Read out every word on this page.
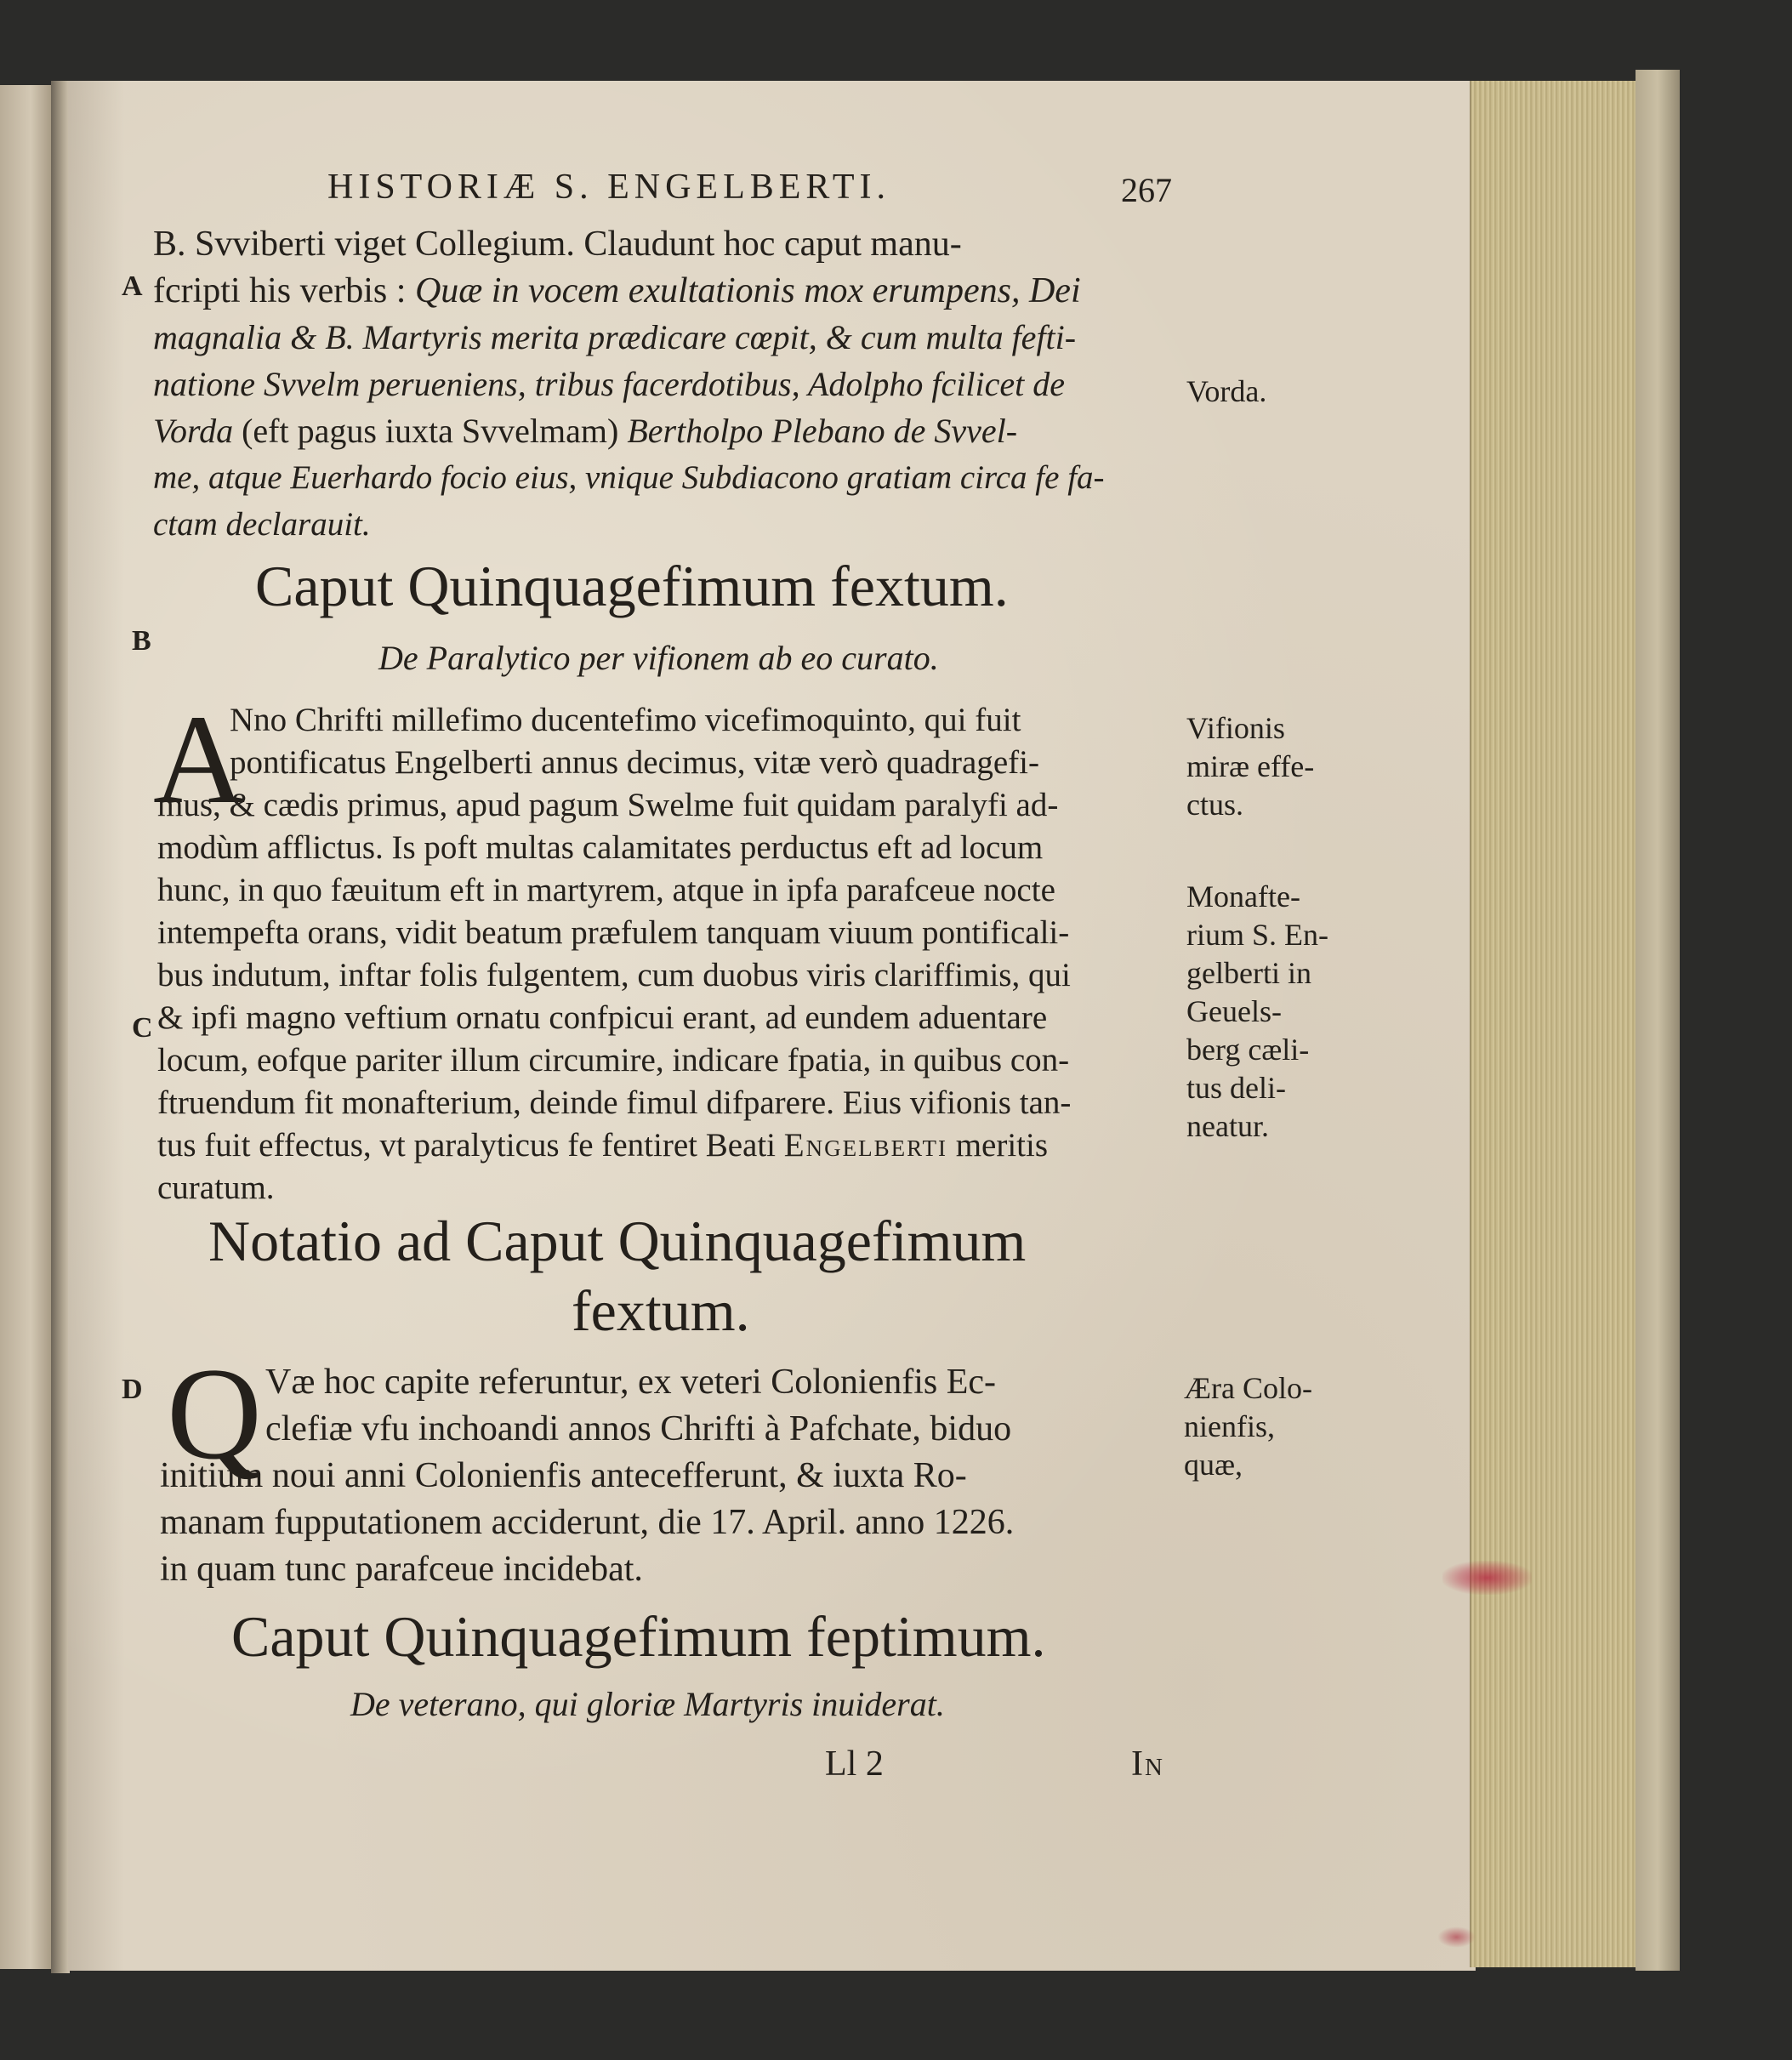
HISTORIÆ S. ENGELBERTI.	267
A
B
C
D
B. Svviberti viget Collegium. Claudunt hoc caput manu-
fcripti his verbis : Quæ in vocem exultationis mox erumpens, Dei
magnalia & B. Martyris merita prædicare cœpit, & cum multa fefti-
natione Svvelm perueniens, tribus facerdotibus, Adolpho fcilicet de
Vorda (eft pagus iuxta Svvelmam) Bertholpo Plebano de Svvel-
me, atque Euerhardo focio eius, vnique Subdiacono gratiam circa fe fa-
ctam declarauit.
Vorda.
Caput Quinquagefimum fextum.
De Paralytico per vifionem ab eo curato.
A
Nno Chrifti millefimo ducentefimo vicefimoquinto, qui fuit
pontificatus Engelberti annus decimus, vitæ verò quadragefi-
mus, & cædis primus, apud pagum Swelme fuit quidam paralyfi ad-
modùm afflictus. Is poft multas calamitates perductus eft ad locum
hunc, in quo fæuitum eft in martyrem, atque in ipfa parafceue nocte
intempefta orans, vidit beatum præfulem tanquam viuum pontificali-
bus indutum, inftar folis fulgentem, cum duobus viris clariffimis, qui
& ipfi magno veftium ornatu confpicui erant, ad eundem aduentare
locum, eofque pariter illum circumire, indicare fpatia, in quibus con-
ftruendum fit monafterium, deinde fimul difparere. Eius vifionis tan-
tus fuit effectus, vt paralyticus fe fentiret Beati Engelberti meritis
curatum.
Vifionis
miræ effe-
ctus.
Monafte-
rium S. En-
gelberti in
Geuels-
berg cæli-
tus deli-
neatur.
Notatio ad Caput Quinquagefimum
fextum.
Q Væ hoc capite referuntur, ex veteri Colonienfis Ec-
clefiæ vfu inchoandi annos Chrifti à Pafchate, biduo
initium noui anni Colonienfis antecefferunt, & iuxta Ro-
manam fupputationem acciderunt, die 17. April. anno 1226.
in quam tunc parafceue incidebat.
Æra Colo-
nienfis,
quæ,
Caput Quinquagefimum feptimum.
De veterano, qui gloriæ Martyris inuiderat.
Ll 2	In
